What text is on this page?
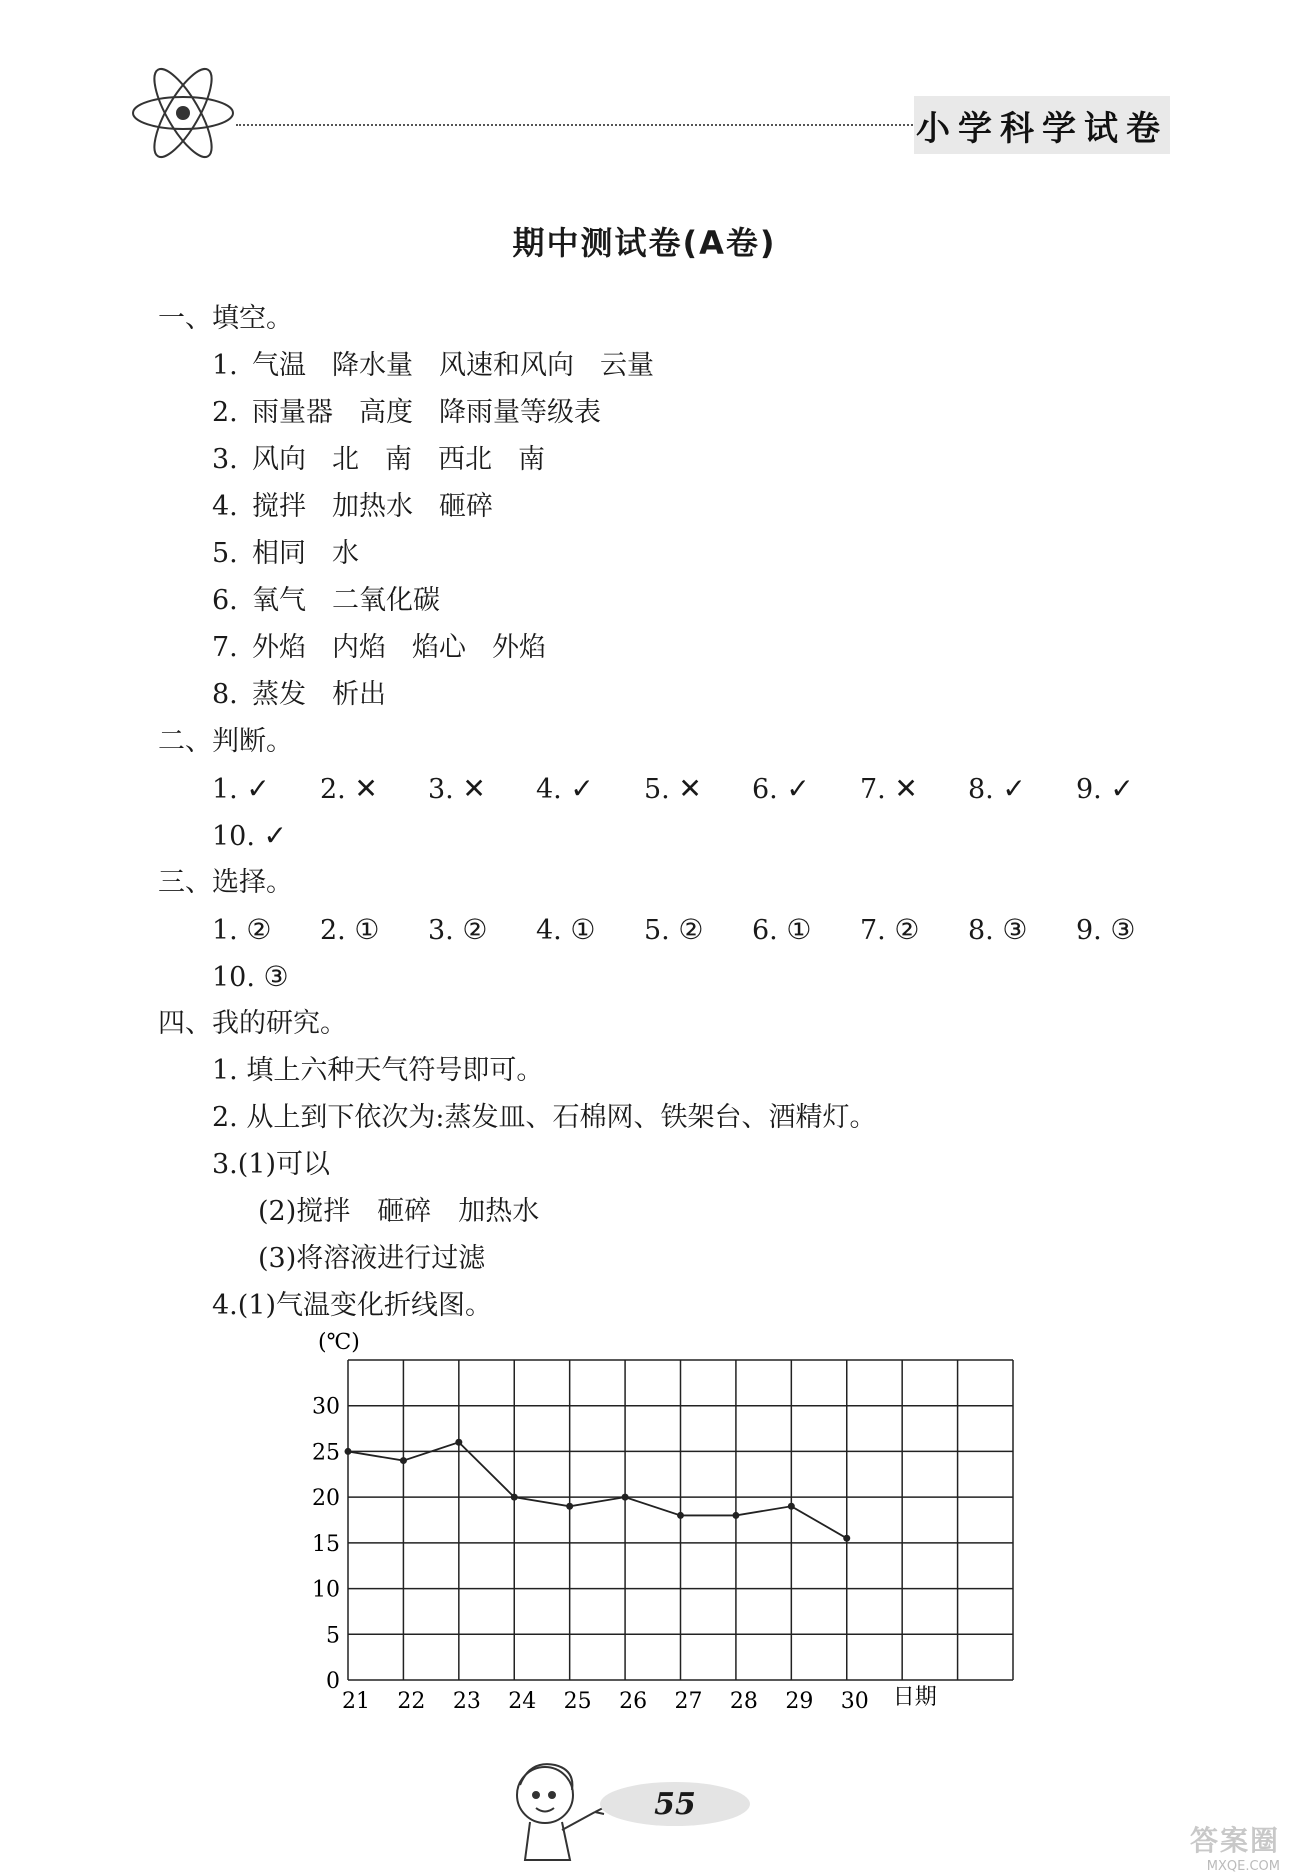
小学科学试卷
期中测试卷(A卷)
一、填空。
1. 气温 降水量 风速和风向 云量
2. 雨量器 高度 降雨量等级表
3. 风向 北 南 西北 南
4. 搅拌 加热水 砸碎
5. 相同 水
6. 氧气 二氧化碳
7. 外焰 内焰 焰心 外焰
8. 蒸发 析出
二、判断。
1. ✓ 2. ✕ 3. ✕ 4. ✓ 5. ✕ 6. ✓ 7. ✕ 8. ✓ 9. ✓
10. ✓
三、选择。
1. ② 2. ① 3. ② 4. ① 5. ② 6. ① 7. ② 8. ③ 9. ③
10. ③
四、我的研究。
1. 填上六种天气符号即可。
2. 从上到下依次为:蒸发皿、石棉网、铁架台、酒精灯。
3.(1)可以
(2)搅拌　砸碎　加热水
(3)将溶液进行过滤
4.(1)气温变化折线图。
0
5
10
15
20
25
30
21 22 23 24 25 26 27 28 29 30
(℃)
日期
55
答案圈
MXQE.COM
